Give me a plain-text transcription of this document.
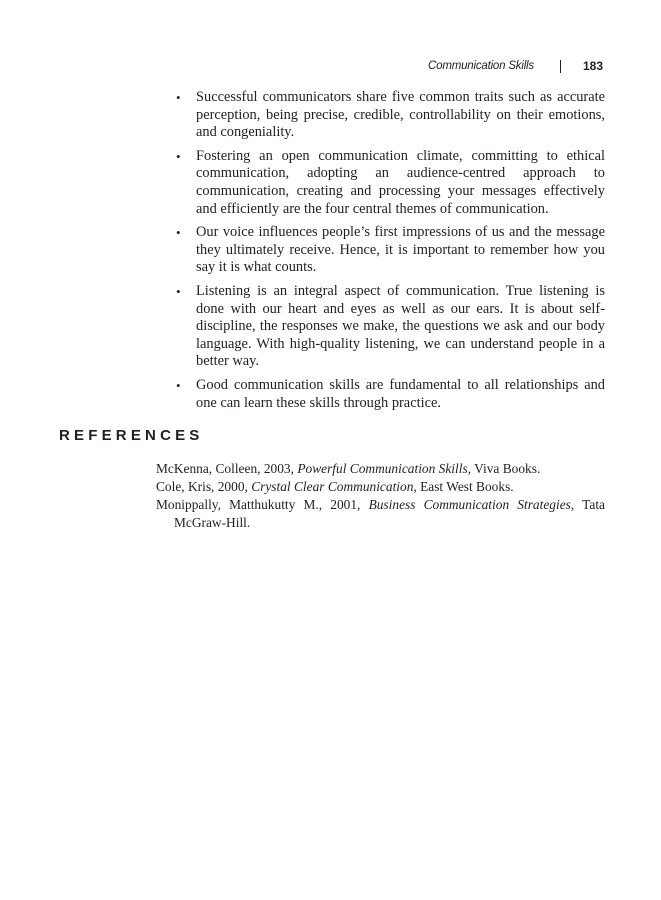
Communication Skills	183
• Successful communicators share five common traits such as accurate perception, being precise, credible, controllability on their emotions, and congeniality.
• Fostering an open communication climate, committing to ethical communication, adopting an audience-centred approach to communication, creating and processing your messages effectively and efficiently are the four central themes of communication.
• Our voice influences people’s first impressions of us and the message they ultimately receive. Hence, it is important to remember how you say it is what counts.
• Listening is an integral aspect of communication. True listening is done with our heart and eyes as well as our ears. It is about self-discipline, the responses we make, the questions we ask and our body language. With high-quality listening, we can understand people in a better way.
• Good communication skills are fundamental to all relationships and one can learn these skills through practice.
REFERENCES
McKenna, Colleen, 2003, Powerful Communication Skills, Viva Books.
Cole, Kris, 2000, Crystal Clear Communication, East West Books.
Monippally, Matthukutty M., 2001, Business Communication Strategies, Tata McGraw-Hill.
